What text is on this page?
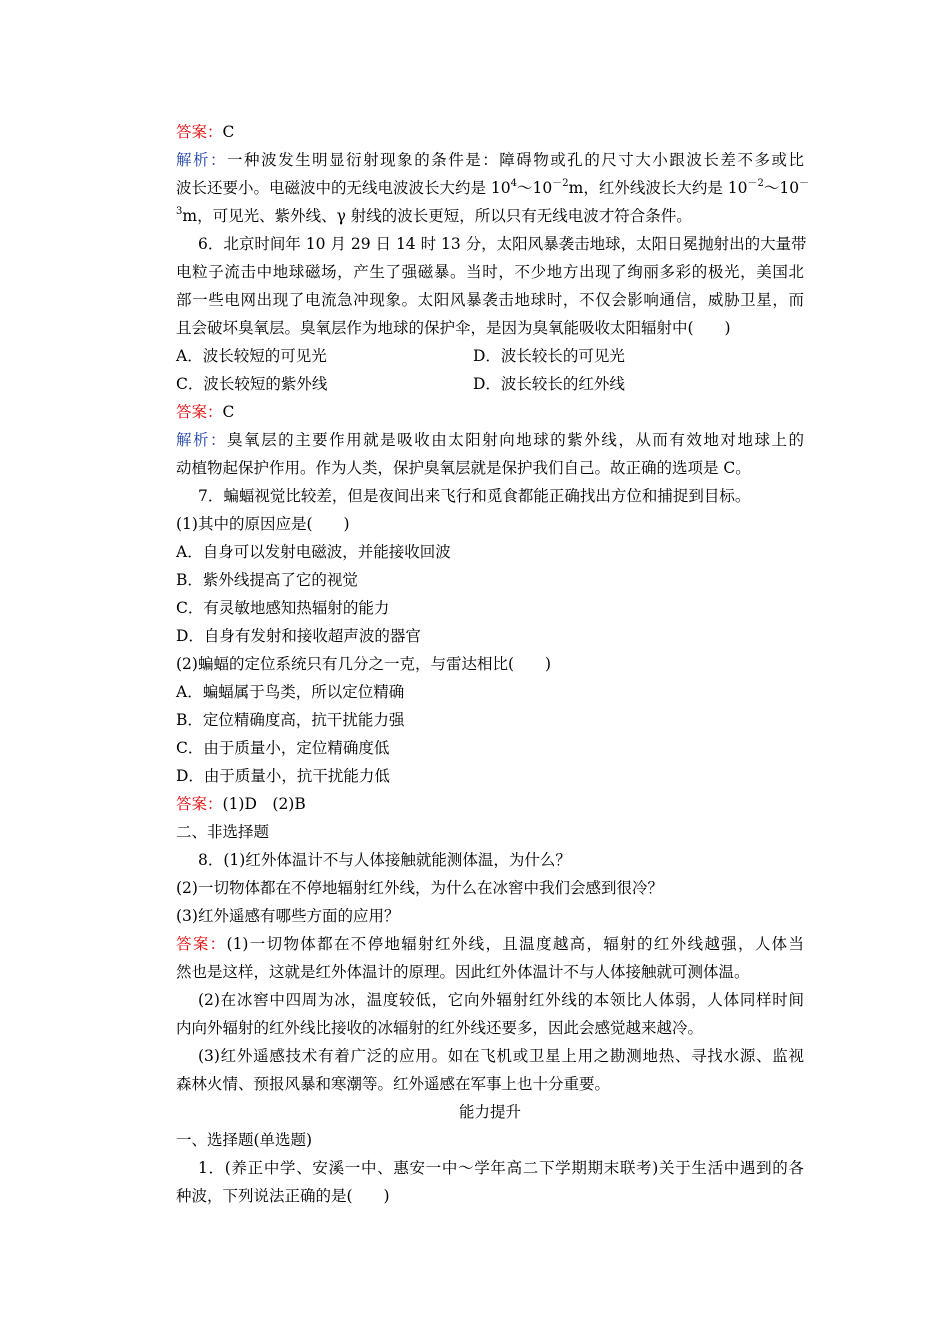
答案：C
解析：一种波发生明显衍射现象的条件是：障碍物或孔的尺寸大小跟波长差不多或比
波长还要小。电磁波中的无线电波波长大约是 $10^4\sim 10^{-2}m$，红外线波长大约是 $10^{-2}\sim 10^-$
$^3$m，可见光、紫外线、γ 射线的波长更短，所以只有无线电波才符合条件。
6．北京时间年 10 月 29 日 14 时 13 分，太阳风暴袭击地球，太阳日冕抛射出的大量带
电粒子流击中地球磁场，产生了强磁暴。当时，不少地方出现了绚丽多彩的极光，美国北
部一些电网出现了电流急冲现象。太阳风暴袭击地球时，不仅会影响通信，威胁卫星，而
且会破坏臭氧层。臭氧层作为地球的保护伞，是因为臭氧能吸收太阳辐射中(　　)
A．波长较短的可见光	D．波长较长的可见光
C．波长较短的紫外线	D．波长较长的红外线
答案：C
解析：臭氧层的主要作用就是吸收由太阳射向地球的紫外线，从而有效地对地球上的
动植物起保护作用。作为人类，保护臭氧层就是保护我们自己。故正确的选项是 C。
7．蝙蝠视觉比较差，但是夜间出来飞行和觅食都能正确找出方位和捕捉到目标。
(1)其中的原因应是(　　)
A．自身可以发射电磁波，并能接收回波
B．紫外线提高了它的视觉
C．有灵敏地感知热辐射的能力
D．自身有发射和接收超声波的器官
(2)蝙蝠的定位系统只有几分之一克，与雷达相比(　　)
A．蝙蝠属于鸟类，所以定位精确
B．定位精确度高，抗干扰能力强
C．由于质量小，定位精确度低
D．由于质量小，抗干扰能力低
答案：(1)D　(2)B
二、非选择题
8．(1)红外体温计不与人体接触就能测体温，为什么？
(2)一切物体都在不停地辐射红外线，为什么在冰窖中我们会感到很冷？
(3)红外遥感有哪些方面的应用？
答案：(1)一切物体都在不停地辐射红外线，且温度越高，辐射的红外线越强，人体当
然也是这样，这就是红外体温计的原理。因此红外体温计不与人体接触就可测体温。
(2)在冰窖中四周为冰，温度较低，它向外辐射红外线的本领比人体弱，人体同样时间
内向外辐射的红外线比接收的冰辐射的红外线还要多，因此会感觉越来越冷。
(3)红外遥感技术有着广泛的应用。如在飞机或卫星上用之勘测地热、寻找水源、监视
森林火情、预报风暴和寒潮等。红外遥感在军事上也十分重要。
能力提升
一、选择题(单选题)
1．(养正中学、安溪一中、惠安一中～学年高二下学期期末联考)关于生活中遇到的各
种波，下列说法正确的是(　　)
